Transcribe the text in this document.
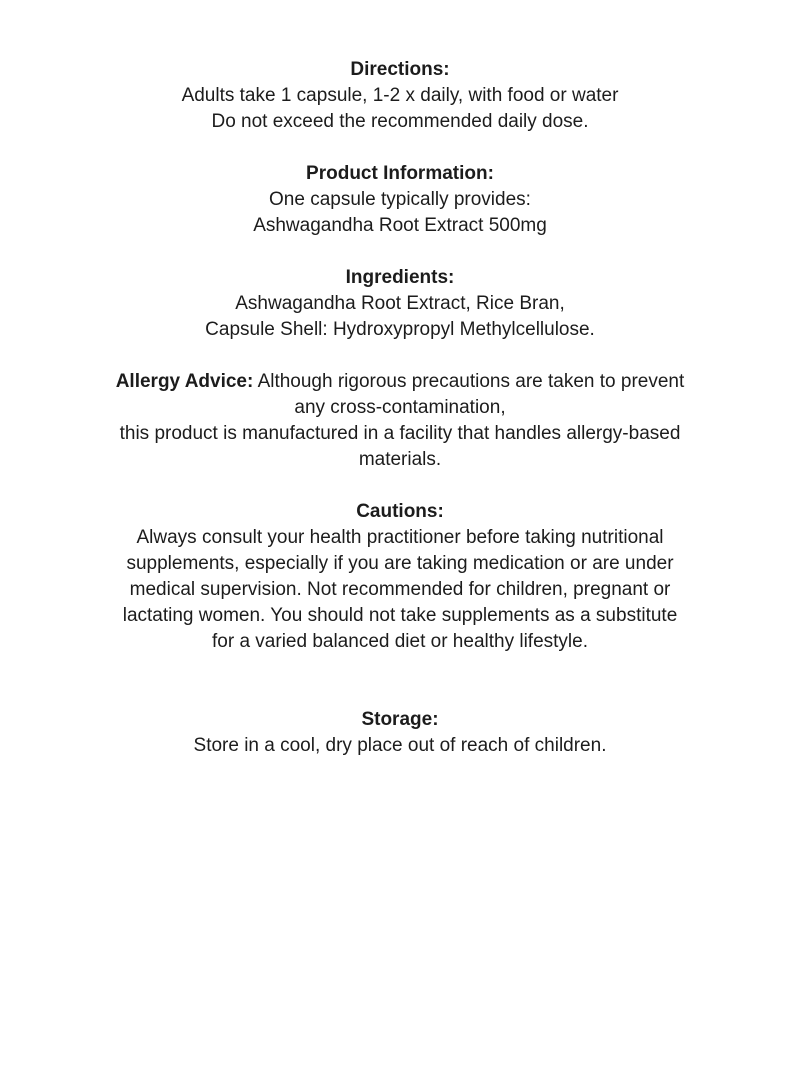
Directions:
Adults take 1 capsule, 1-2 x daily, with food or water
Do not exceed the recommended daily dose.
Product Information:
One capsule typically provides:
Ashwagandha Root Extract 500mg
Ingredients:
Ashwagandha Root Extract, Rice Bran,
Capsule Shell: Hydroxypropyl Methylcellulose.
Allergy Advice: Although rigorous precautions are taken to prevent
any cross-contamination,
this product is manufactured in a facility that handles allergy-based
materials.
Cautions:
Always consult your health practitioner before taking nutritional
supplements, especially if you are taking medication or are under
medical supervision. Not recommended for children, pregnant or
lactating women. You should not take supplements as a substitute
for a varied balanced diet or healthy lifestyle.
Storage:
Store in a cool, dry place out of reach of children.
